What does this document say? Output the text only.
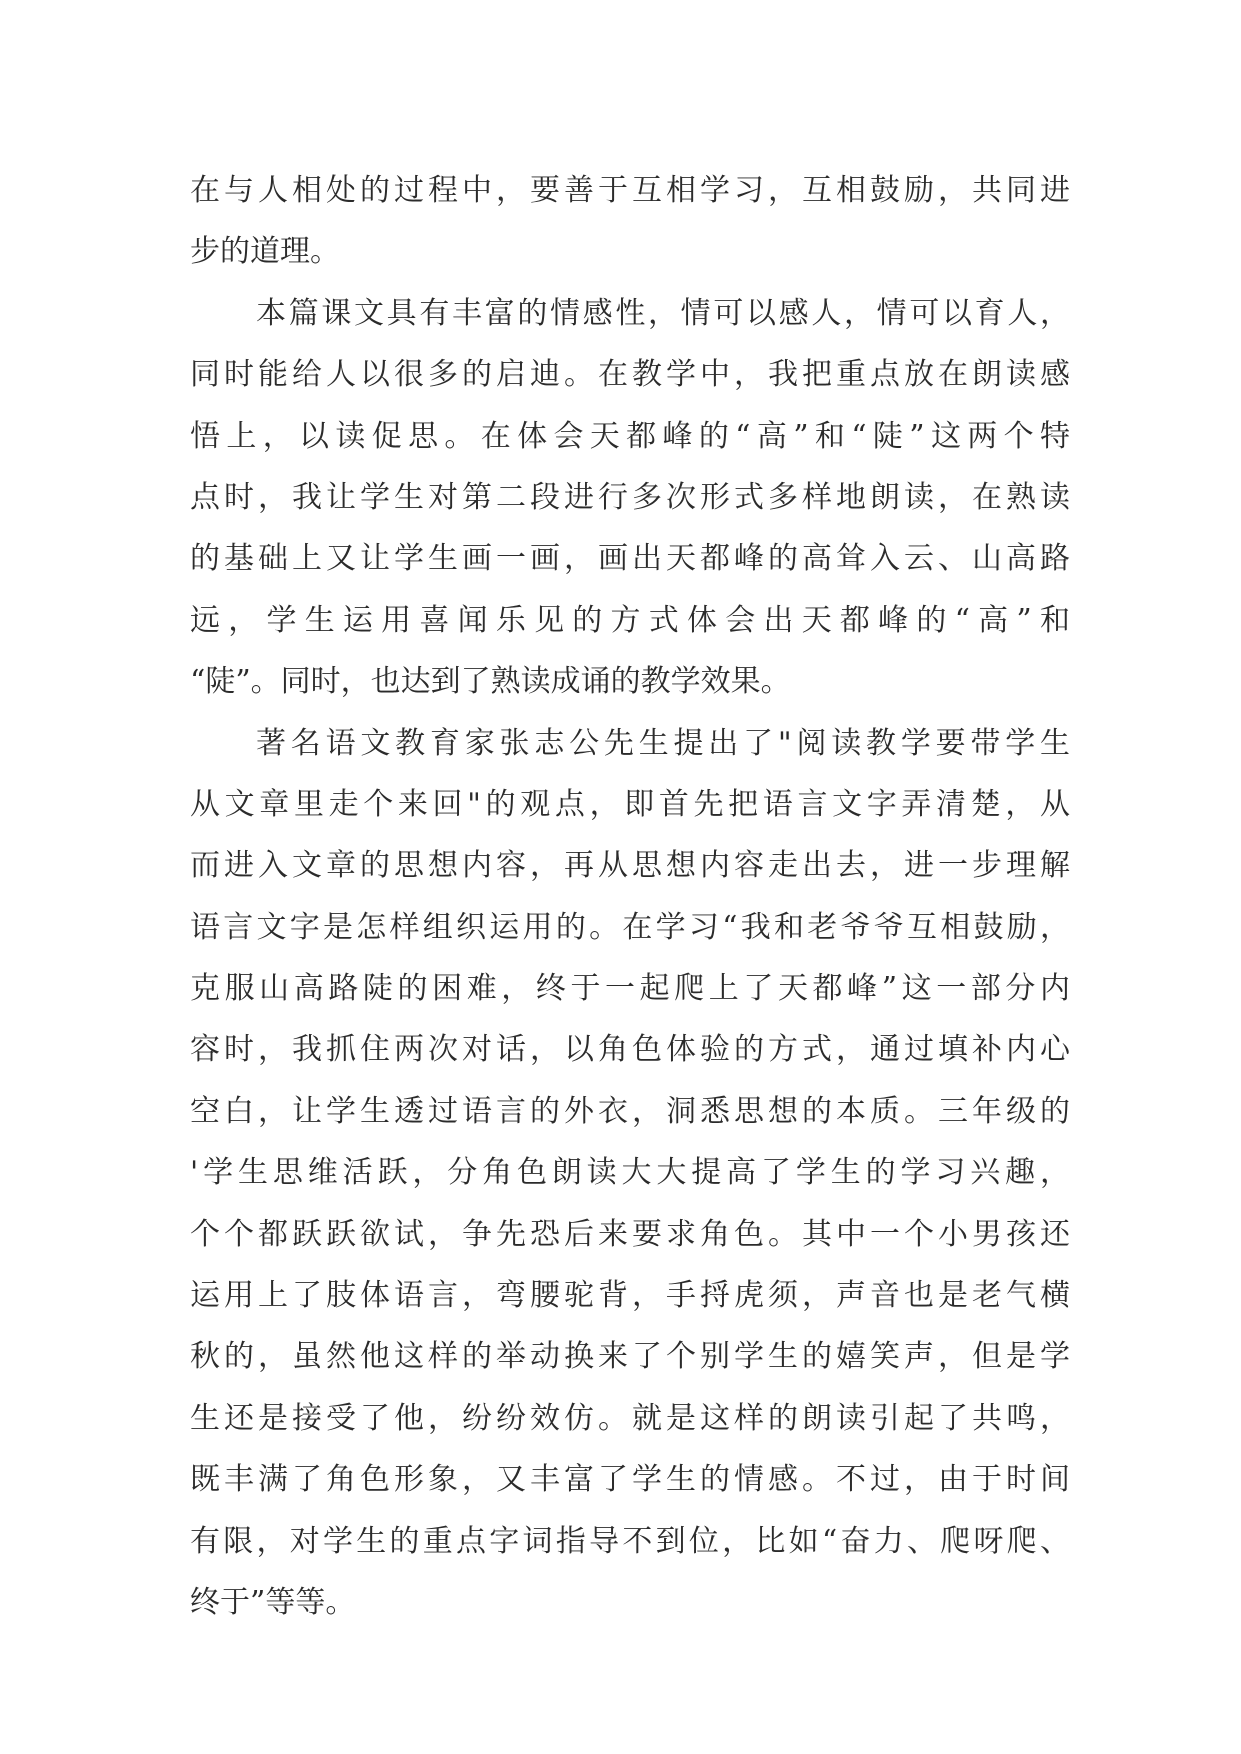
在与人相处的过程中，要善于互相学习，互相鼓励，共同进
步的道理。
本篇课文具有丰富的情感性，情可以感人，情可以育人，
同时能给人以很多的启迪。在教学中，我把重点放在朗读感
悟上，以读促思。在体会天都峰的“高”和“陡”这两个特
点时，我让学生对第二段进行多次形式多样地朗读，在熟读
的基础上又让学生画一画，画出天都峰的高耸入云、山高路
远，学生运用喜闻乐见的方式体会出天都峰的“高”和
“陡”。同时，也达到了熟读成诵的教学效果。
著名语文教育家张志公先生提出了"阅读教学要带学生
从文章里走个来回"的观点，即首先把语言文字弄清楚，从
而进入文章的思想内容，再从思想内容走出去，进一步理解
语言文字是怎样组织运用的。在学习“我和老爷爷互相鼓励，
克服山高路陡的困难，终于一起爬上了天都峰”这一部分内
容时，我抓住两次对话，以角色体验的方式，通过填补内心
空白，让学生透过语言的外衣，洞悉思想的本质。三年级的
'学生思维活跃，分角色朗读大大提高了学生的学习兴趣，
个个都跃跃欲试，争先恐后来要求角色。其中一个小男孩还
运用上了肢体语言，弯腰驼背，手捋虎须，声音也是老气横
秋的，虽然他这样的举动换来了个别学生的嬉笑声，但是学
生还是接受了他，纷纷效仿。就是这样的朗读引起了共鸣，
既丰满了角色形象，又丰富了学生的情感。不过，由于时间
有限，对学生的重点字词指导不到位，比如“奋力、爬呀爬、
终于”等等。
